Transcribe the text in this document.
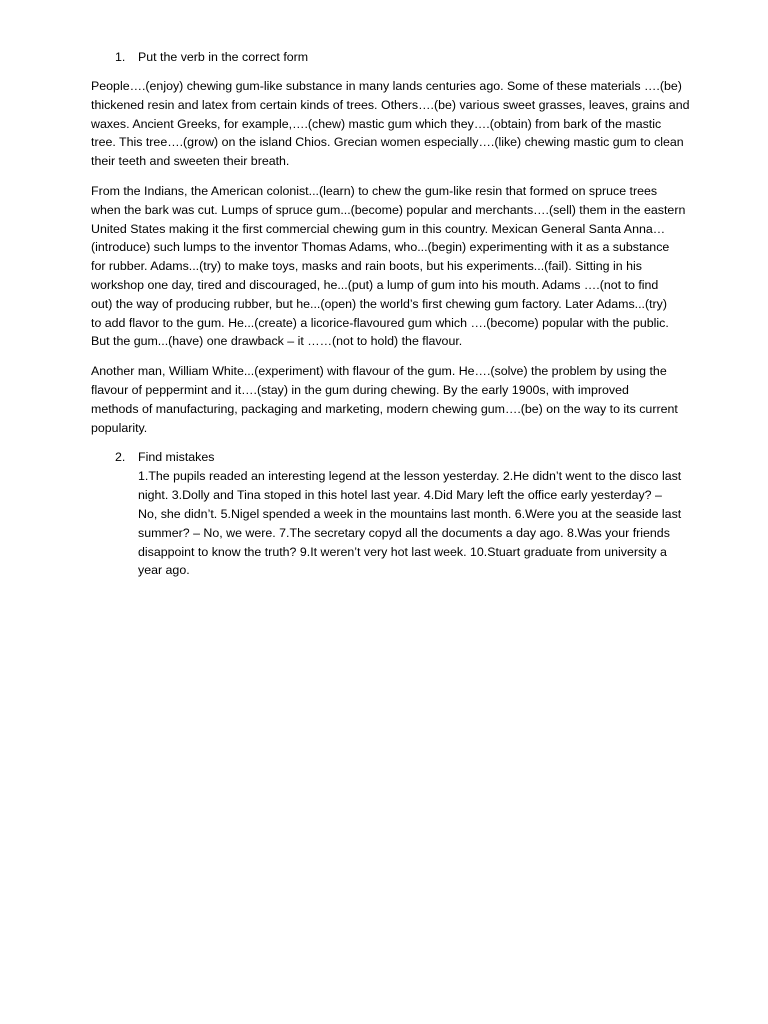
1. Put the verb in the correct form

People….(enjoy) chewing gum-like substance in many lands centuries ago. Some of these materials ….(be)
thickened resin and latex from certain kinds of trees. Others….(be) various sweet grasses, leaves, grains and
waxes. Ancient Greeks, for example,….(chew) mastic gum which they….(obtain) from bark of the mastic
tree. This tree….(grow) on the island Chios. Grecian women especially….(like) chewing mastic gum to clean
their teeth and sweeten their breath.

From the Indians, the American colonist...(learn) to chew the gum-like resin that formed on spruce trees
when the bark was cut. Lumps of spruce gum...(become) popular and merchants….(sell) them in the eastern
United States making it the first commercial chewing gum in this country. Mexican General Santa Anna…
(introduce) such lumps to the inventor Thomas Adams, who...(begin) experimenting with it as a substance
for rubber. Adams...(try) to make toys, masks and rain boots, but his experiments...(fail). Sitting in his
workshop one day, tired and discouraged, he...(put) a lump of gum into his mouth. Adams ….(not to find
out) the way of producing rubber, but he...(open) the world’s first chewing gum factory. Later Adams...(try)
to add flavor to the gum. He...(create) a licorice-flavoured gum which ….(become) popular with the public.
But the gum...(have) one drawback – it ……(not to hold) the flavour.

Another man, William White...(experiment) with flavour of the gum. He….(solve) the problem by using the
flavour of peppermint and it….(stay) in the gum during chewing. By the early 1900s, with improved
methods of manufacturing, packaging and marketing, modern chewing gum….(be) on the way to its current
popularity.

2. Find mistakes
1.The pupils readed an interesting legend at the lesson yesterday. 2.He didn’t went to the disco last
night. 3.Dolly and Tina stoped in this hotel last year. 4.Did Mary left the office early yesterday? –
No, she didn’t. 5.Nigel spended a week in the mountains last month. 6.Were you at the seaside last
summer? – No, we were. 7.The secretary copyd all the documents a day ago. 8.Was your friends
disappoint to know the truth? 9.It weren’t very hot last week. 10.Stuart graduate from university a
year ago.
